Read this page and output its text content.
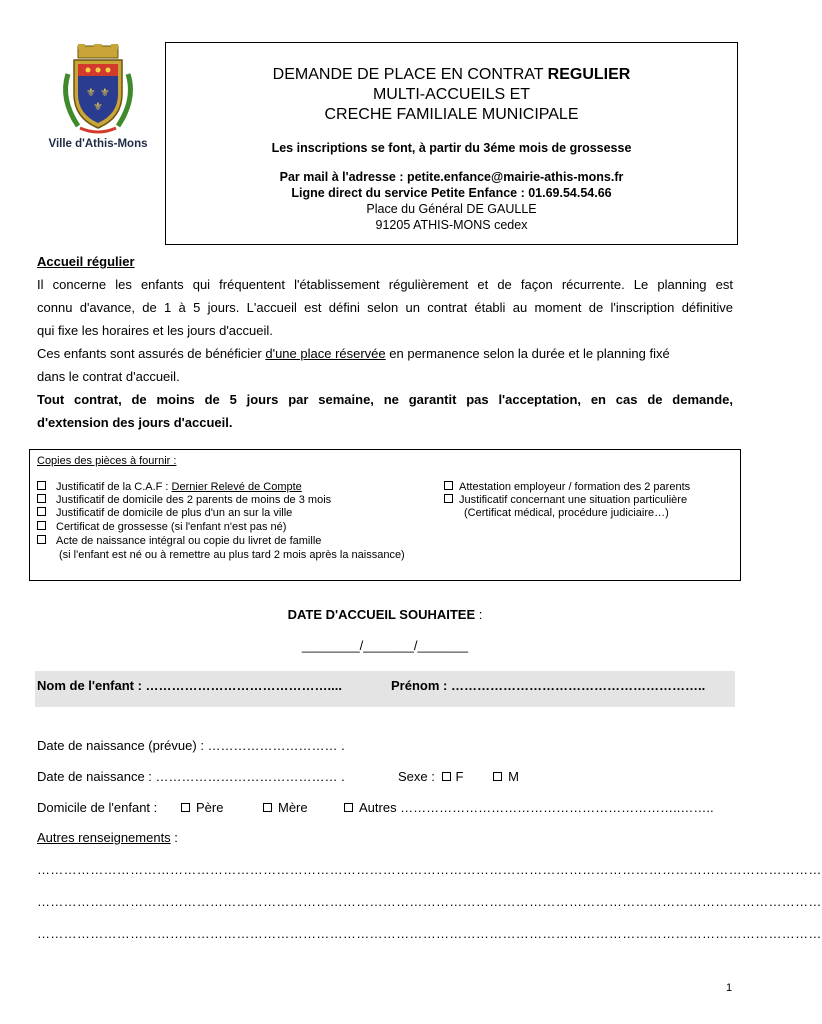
⚜ ⚜
⚜
Ville d'Athis-Mons
DEMANDE DE PLACE EN CONTRAT REGULIER
MULTI-ACCUEILS ET
CRECHE FAMILIALE MUNICIPALE
Les inscriptions se font, à partir du 3éme mois de grossesse
Par mail à l'adresse : petite.enfance@mairie-athis-mons.fr
Ligne direct du service Petite Enfance : 01.69.54.54.66
Place du Général DE GAULLE
91205 ATHIS-MONS cedex
Accueil régulier
Il concerne les enfants qui fréquentent l'établissement régulièrement et de façon récurrente. Le planning est
connu d'avance, de 1 à 5 jours. L'accueil est défini selon un contrat établi au moment de l'inscription définitive
qui fixe les horaires et les jours d'accueil.
Ces enfants sont assurés de bénéficier d'une place réservée en permanence selon la durée et le planning fixé
dans le contrat d'accueil.
Tout contrat, de moins de 5 jours par semaine, ne garantit pas l'acceptation, en cas de demande,
d'extension des jours d'accueil.
Copies des pièces à fournir :
Justificatif de la C.A.F : Dernier Relevé de Compte
Justificatif de domicile des 2 parents de moins de 3 mois
Justificatif de domicile de plus d'un an sur la ville
Certificat de grossesse (si l'enfant n'est pas né)
Acte de naissance intégral ou copie du livret de famille
(si l'enfant est né ou à remettre au plus tard 2 mois après la naissance)
Attestation employeur / formation des 2 parents
Justificatif concernant une situation particulière
(Certificat médical, procédure judiciaire…)
DATE D'ACCUEIL SOUHAITEE :
________/_______/_______
Nom de l'enfant : ……………………………………....	Prénom : …………………………………………………..
Date de naissance (prévue) : ………………………… .
Date de naissance : …………………………………… .	Sexe : F	M
Domicile de l'enfant :	Père	Mère	Autres ………………………………………………………..……..
Autres renseignements :
……………………………………………………………………………………………………………………………………………………………
……………………………………………………………………………………………………………………………………………………………
……………………………………………………………………………………………………………………………………………………………
1
